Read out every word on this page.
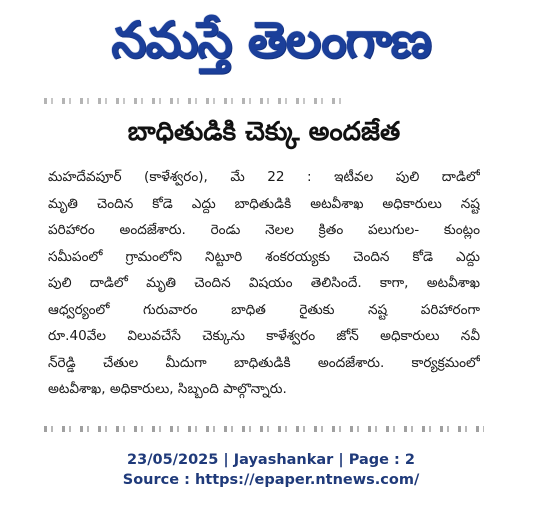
నమస్తే తెలంగాణ
బాధితుడికి చెక్కు అందజేత
మహదేవపూర్ (కాళేశ్వరం), మే 22 : ఇటీవల పులి దాడిలో
మృతి చెందిన కోడె ఎద్దు బాధితుడికి అటవీశాఖ అధికారులు నష్ట
పరిహారం అందజేశారు. రెండు నెలల క్రితం పలుగుల- కుంట్లం
సమీపంలో గ్రామంలోని నిట్టూరి శంకరయ్యకు చెందిన కోడె ఎద్దు
పులి దాడిలో మృతి చెందిన విషయం తెలిసిందే. కాగా, అటవీశాఖ
ఆధ్వర్యంలో గురువారం బాధిత రైతుకు నష్ట పరిహారంగా
రూ.40వేల విలువచేసే చెక్కును కాళేశ్వరం జోన్ అధికారులు నవీ
న్‌రెడ్డి చేతుల మీదుగా బాధితుడికి అందజేశారు. కార్యక్రమంలో
అటవీశాఖ, అధికారులు, సిబ్బంది పాల్గొన్నారు.
23/05/2025 | Jayashankar | Page : 2
Source : https://epaper.ntnews.com/
